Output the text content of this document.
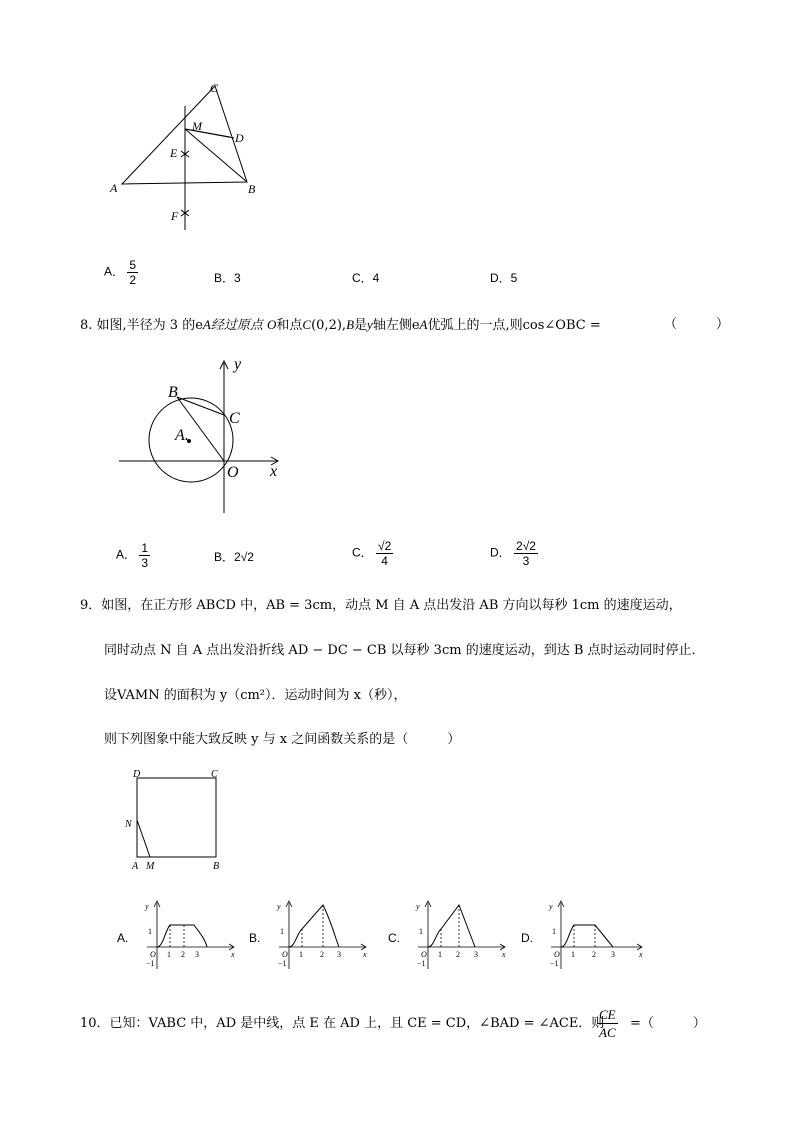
C
M
D
E
A	B
F
A． $\frac{5}{2}$	B．3	C．4	D．5
8. 如图,半径为 3 的eA经过原点 O和点C(0,2),B是y轴左侧eA优弧上的一点,则cos∠OBC =	（　　　）
y
x
B
C
A.
O
A． $\frac{1}{3}$	B．2√2	C． $\frac{√2}{4}$	D． $\frac{2√2}{3}$
9．如图，在正方形 ABCD 中，AB = 3cm，动点 M 自 A 点出发沿 AB 方向以每秒 1cm 的速度运动，
同时动点 N 自 A 点出发沿折线 AD − DC − CB 以每秒 3cm 的速度运动，到达 B 点时运动同时停止．
设VAMN 的面积为 y（cm²）．运动时间为 x（秒），
则下列图象中能大致反映 y 与 x 之间函数关系的是（　　　）
D	C
N
A M	B
A.
y
x
1
O
−1
1 2 3
B.
y
x
1
O
−1
1 2 3
C.
y
x
1
O
−1
1 2 3
D.
y
x
1
O
−1
1 2 3
10．已知：VABC 中，AD 是中线，点 E 在 AD 上，且 CE = CD，∠BAD = ∠ACE．则
$\frac{CE}{AC}$ =（　　　）
